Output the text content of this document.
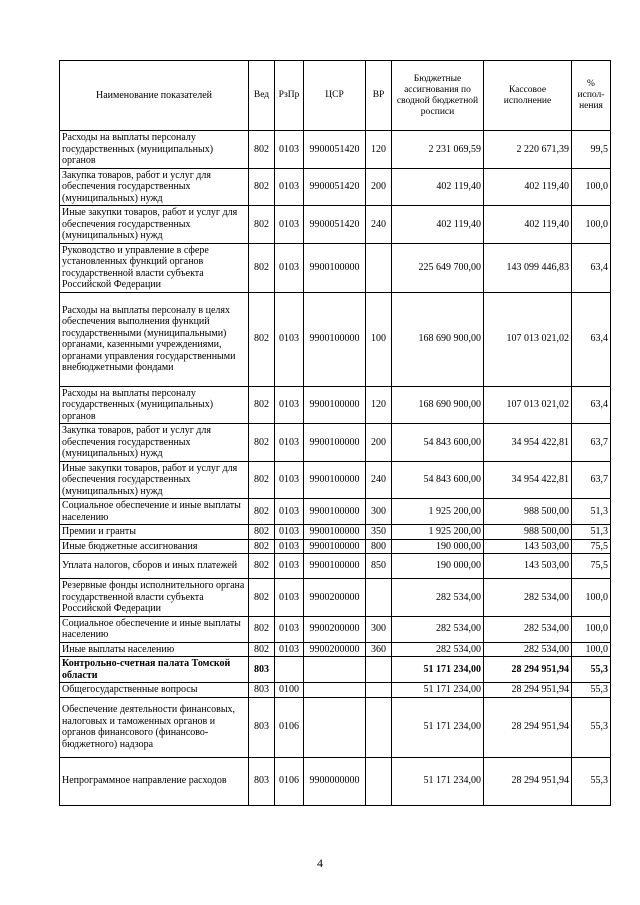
Наименование показателей	Вед	РзПр	ЦСР	ВР	Бюджетные ассигнования по сводной бюджетной росписи	Кассовое исполнение	% испол-нения
Расходы на выплаты персоналу государственных (муниципальных) органов	802	0103	9900051420	120	2 231 069,59	2 220 671,39	99,5
Закупка товаров, работ и услуг для обеспечения государственных (муниципальных) нужд	802	0103	9900051420	200	402 119,40	402 119,40	100,0
Иные закупки товаров, работ и услуг для обеспечения государственных (муниципальных) нужд	802	0103	9900051420	240	402 119,40	402 119,40	100,0
Руководство и управление в сфере установленных функций органов государственной власти субъекта Российской Федерации	802	0103	9900100000		225 649 700,00	143 099 446,83	63,4
Расходы на выплаты персоналу в целях обеспечения выполнения функций государственными (муниципальными) органами, казенными учреждениями, органами управления государственными внебюджетными фондами	802	0103	9900100000	100	168 690 900,00	107 013 021,02	63,4
Расходы на выплаты персоналу государственных (муниципальных) органов	802	0103	9900100000	120	168 690 900,00	107 013 021,02	63,4
Закупка товаров, работ и услуг для обеспечения государственных (муниципальных) нужд	802	0103	9900100000	200	54 843 600,00	34 954 422,81	63,7
Иные закупки товаров, работ и услуг для обеспечения государственных (муниципальных) нужд	802	0103	9900100000	240	54 843 600,00	34 954 422,81	63,7
Социальное обеспечение и иные выплаты населению	802	0103	9900100000	300	1 925 200,00	988 500,00	51,3
Премии и гранты	802	0103	9900100000	350	1 925 200,00	988 500,00	51,3
Иные бюджетные ассигнования	802	0103	9900100000	800	190 000,00	143 503,00	75,5
Уплата налогов, сборов и иных платежей	802	0103	9900100000	850	190 000,00	143 503,00	75,5
Резервные фонды исполнительного органа государственной власти субъекта Российской Федерации	802	0103	9900200000		282 534,00	282 534,00	100,0
Социальное обеспечение и иные выплаты населению	802	0103	9900200000	300	282 534,00	282 534,00	100,0
Иные выплаты населению	802	0103	9900200000	360	282 534,00	282 534,00	100,0
Контрольно-счетная палата Томской области	803				51 171 234,00	28 294 951,94	55,3
Общегосударственные вопросы	803	0100			51 171 234,00	28 294 951,94	55,3
Обеспечение деятельности финансовых, налоговых и таможенных органов и органов финансового (финансово-бюджетного) надзора	803	0106			51 171 234,00	28 294 951,94	55,3
Непрограммное направление расходов	803	0106	9900000000		51 171 234,00	28 294 951,94	55,3
4
